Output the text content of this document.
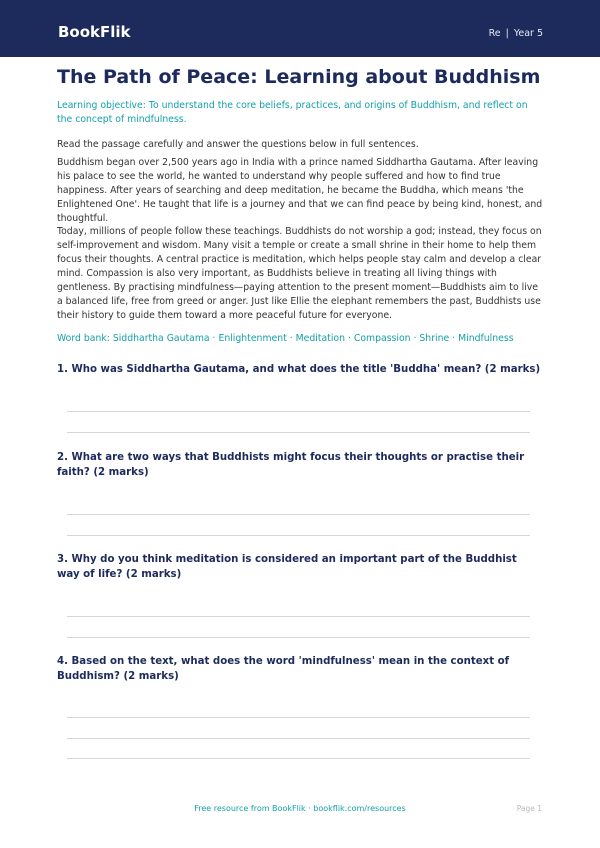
BookFlik	Re | Year 5
The Path of Peace: Learning about Buddhism
Learning objective: To understand the core beliefs, practices, and origins of Buddhism, and reflect on the concept of mindfulness.
Read the passage carefully and answer the questions below in full sentences.
Buddhism began over 2,500 years ago in India with a prince named Siddhartha Gautama. After leaving his palace to see the world, he wanted to understand why people suffered and how to find true happiness. After years of searching and deep meditation, he became the Buddha, which means 'the Enlightened One'. He taught that life is a journey and that we can find peace by being kind, honest, and thoughtful.
Today, millions of people follow these teachings. Buddhists do not worship a god; instead, they focus on self-improvement and wisdom. Many visit a temple or create a small shrine in their home to help them focus their thoughts. A central practice is meditation, which helps people stay calm and develop a clear mind. Compassion is also very important, as Buddhists believe in treating all living things with gentleness. By practising mindfulness—paying attention to the present moment—Buddhists aim to live a balanced life, free from greed or anger. Just like Ellie the elephant remembers the past, Buddhists use their history to guide them toward a more peaceful future for everyone.
Word bank: Siddhartha Gautama · Enlightenment · Meditation · Compassion · Shrine · Mindfulness
1. Who was Siddhartha Gautama, and what does the title 'Buddha' mean? (2 marks)
2. What are two ways that Buddhists might focus their thoughts or practise their faith? (2 marks)
3. Why do you think meditation is considered an important part of the Buddhist way of life? (2 marks)
4. Based on the text, what does the word 'mindfulness' mean in the context of Buddhism? (2 marks)
Free resource from BookFlik · bookflik.com/resources	Page 1
